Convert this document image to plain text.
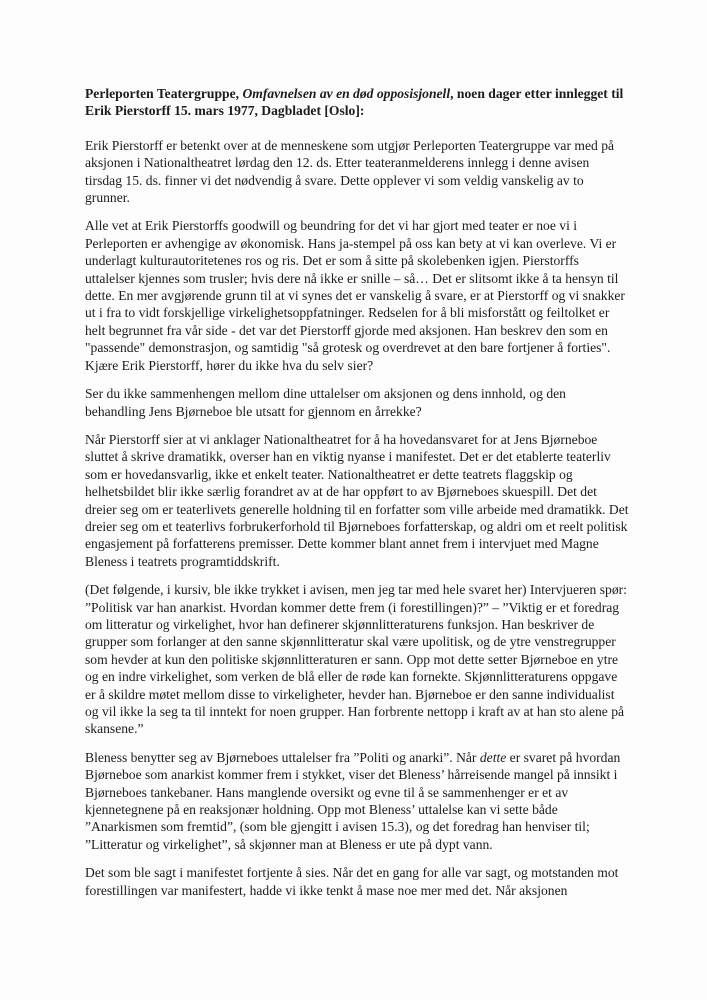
Perleporten Teatergruppe, Omfavnelsen av en død opposisjonell, noen dager etter innlegget til Erik Pierstorff 15. mars 1977, Dagbladet [Oslo]:

Erik Pierstorff er betenkt over at de menneskene som utgjør Perleporten Teatergruppe var med på aksjonen i Nationaltheatret lørdag den 12. ds. Etter teateranmelderens innlegg i denne avisen tirsdag 15. ds. finner vi det nødvendig å svare. Dette opplever vi som veldig vanskelig av to grunner.

Alle vet at Erik Pierstorffs goodwill og beundring for det vi har gjort med teater er noe vi i Perleporten er avhengige av økonomisk. Hans ja-stempel på oss kan bety at vi kan overleve. Vi er underlagt kulturautoritetenes ros og ris. Det er som å sitte på skolebenken igjen. Pierstorffs uttalelser kjennes som trusler; hvis dere nå ikke er snille – så… Det er slitsomt ikke å ta hensyn til dette. En mer avgjørende grunn til at vi synes det er vanskelig å svare, er at Pierstorff og vi snakker ut i fra to vidt forskjellige virkelighetsoppfatninger. Redselen for å bli misforstått og feiltolket er helt begrunnet fra vår side - det var det Pierstorff gjorde med aksjonen. Han beskrev den som en "passende" demonstrasjon, og samtidig "så grotesk og overdrevet at den bare fortjener å forties". Kjære Erik Pierstorff, hører du ikke hva du selv sier?

Ser du ikke sammenhengen mellom dine uttalelser om aksjonen og dens innhold, og den behandling Jens Bjørneboe ble utsatt for gjennom en årrekke?

Når Pierstorff sier at vi anklager Nationaltheatret for å ha hovedansvaret for at Jens Bjørneboe sluttet å skrive dramatikk, overser han en viktig nyanse i manifestet. Det er det etablerte teaterliv som er hovedansvarlig, ikke et enkelt teater. Nationaltheatret er dette teatrets flaggskip og helhetsbildet blir ikke særlig forandret av at de har oppført to av Bjørneboes skuespill. Det det dreier seg om er teaterlivets generelle holdning til en forfatter som ville arbeide med dramatikk. Det dreier seg om et teaterlivs forbrukerforhold til Bjørneboes forfatterskap, og aldri om et reelt politisk engasjement på forfatterens premisser. Dette kommer blant annet frem i intervjuet med Magne Bleness i teatrets programtiddskrift.

(Det følgende, i kursiv, ble ikke trykket i avisen, men jeg tar med hele svaret her) Intervjueren spør: ”Politisk var han anarkist. Hvordan kommer dette frem (i forestillingen)?” – ”Viktig er et foredrag om litteratur og virkelighet, hvor han definerer skjønnlitteraturens funksjon. Han beskriver de grupper som forlanger at den sanne skjønnlitteratur skal være upolitisk, og de ytre venstregrupper som hevder at kun den politiske skjønnlitteraturen er sann. Opp mot dette setter Bjørneboe en ytre og en indre virkelighet, som verken de blå eller de røde kan fornekte. Skjønnlitteraturens oppgave er å skildre møtet mellom disse to virkeligheter, hevder han. Bjørneboe er den sanne individualist og vil ikke la seg ta til inntekt for noen grupper. Han forbrente nettopp i kraft av at han sto alene på skansene.”

Bleness benytter seg av Bjørneboes uttalelser fra ”Politi og anarki”. Når dette er svaret på hvordan Bjørneboe som anarkist kommer frem i stykket, viser det Bleness’ hårreisende mangel på innsikt i Bjørneboes tankebaner. Hans manglende oversikt og evne til å se sammenhenger er et av kjennetegnene på en reaksjonær holdning. Opp mot Bleness’ uttalelse kan vi sette både ”Anarkismen som fremtid”, (som ble gjengitt i avisen 15.3), og det foredrag han henviser til; ”Litteratur og virkelighet”, så skjønner man at Bleness er ute på dypt vann.

Det som ble sagt i manifestet fortjente å sies. Når det en gang for alle var sagt, og motstanden mot forestillingen var manifestert, hadde vi ikke tenkt å mase noe mer med det. Når aksjonen
